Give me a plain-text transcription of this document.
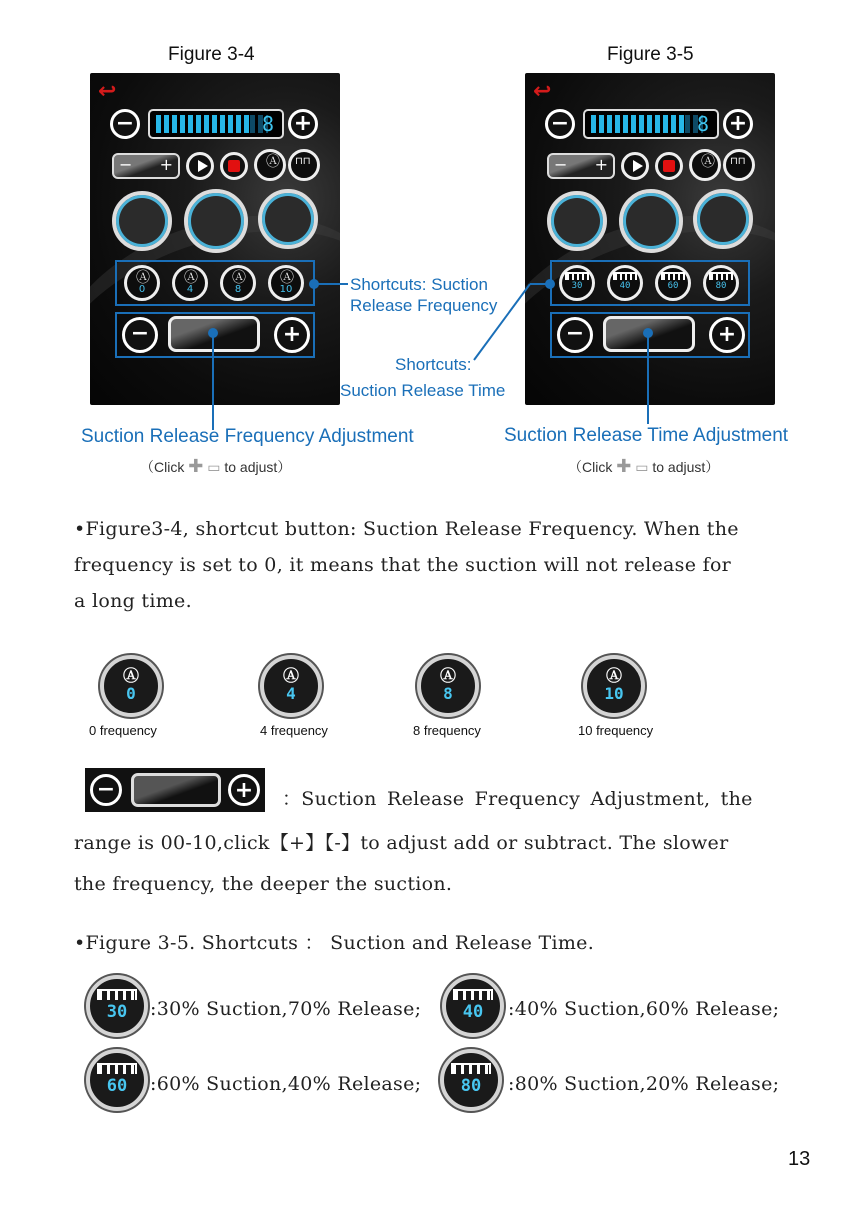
Figure 3-4	Figure 3-5
↩
−	8 +
− +	Ⓐ ⊓⊓
Ⓐ
0
Ⓐ
4
Ⓐ
8
Ⓐ
10
−	+
↩
−	8 +
− +	Ⓐ ⊓⊓
30	40	60	80
−	+
Shortcuts: Suction
Release Frequency
Shortcuts:
Suction Release Time
Suction Release Frequency Adjustment	Suction Release Time Adjustment
（Click ✚ ▭ to adjust）	（Click ✚ ▭ to adjust）
•Figure3-4, shortcut button: Suction Release Frequency. When the
frequency is set to 0, it means that the suction will not release for
a long time.
Ⓐ
0
0 frequency
Ⓐ
4
4 frequency
Ⓐ
8
8 frequency
Ⓐ
10
10 frequency
−	+	：Suction Release Frequency Adjustment, the
range is 00-10,click【+】【-】to adjust add or subtract. The slower
the frequency, the deeper the suction.
•Figure 3-5. Shortcuts ： Suction and Release Time.
30	:30% Suction,70% Release;	40	:40% Suction,60% Release;
60	:60% Suction,40% Release;	80	:80% Suction,20% Release;
13
